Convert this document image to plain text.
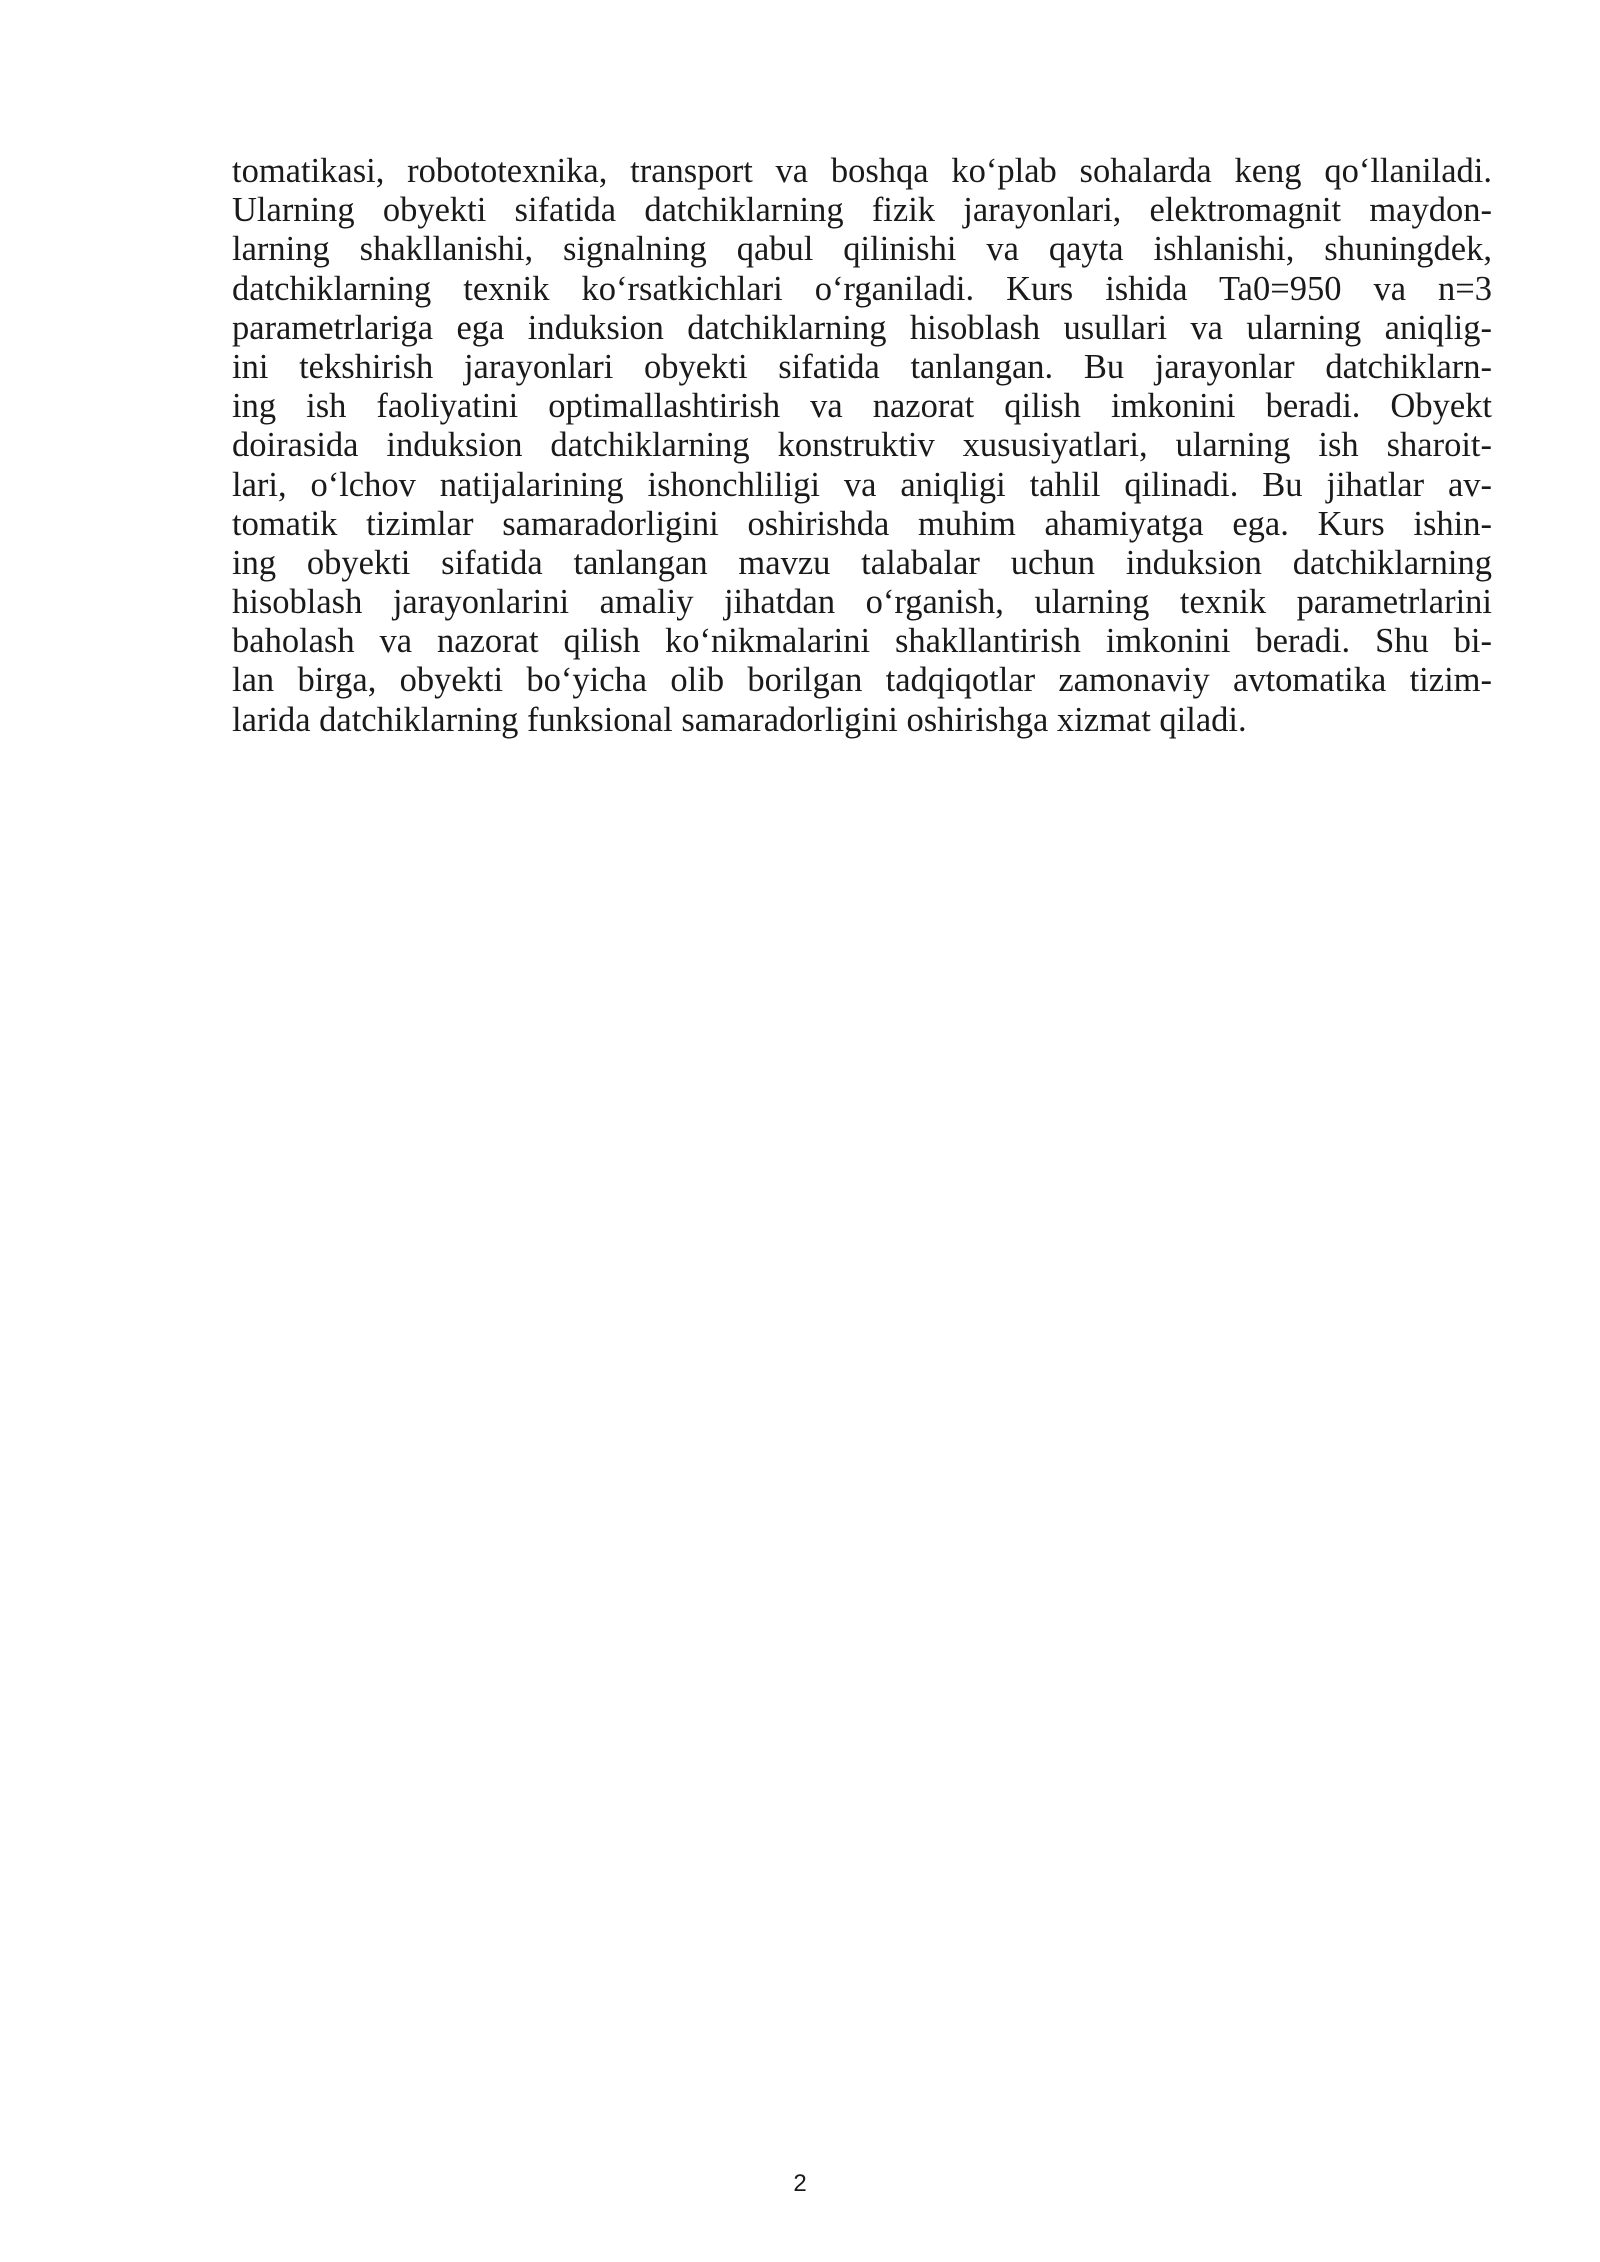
tomatikasi, robototexnika, transport va boshqa ko‘plab sohalarda keng qo‘llaniladi.
Ularning obyekti sifatida datchiklarning fizik jarayonlari, elektromagnit maydon-
larning shakllanishi, signalning qabul qilinishi va qayta ishlanishi, shuningdek,
datchiklarning texnik ko‘rsatkichlari o‘rganiladi. Kurs ishida Ta0=950 va n=3
parametrlariga ega induksion datchiklarning hisoblash usullari va ularning aniqlig-
ini tekshirish jarayonlari obyekti sifatida tanlangan. Bu jarayonlar datchiklarn-
ing ish faoliyatini optimallashtirish va nazorat qilish imkonini beradi. Obyekt
doirasida induksion datchiklarning konstruktiv xususiyatlari, ularning ish sharoit-
lari, o‘lchov natijalarining ishonchliligi va aniqligi tahlil qilinadi. Bu jihatlar av-
tomatik tizimlar samaradorligini oshirishda muhim ahamiyatga ega. Kurs ishin-
ing obyekti sifatida tanlangan mavzu talabalar uchun induksion datchiklarning
hisoblash jarayonlarini amaliy jihatdan o‘rganish, ularning texnik parametrlarini
baholash va nazorat qilish ko‘nikmalarini shakllantirish imkonini beradi. Shu bi-
lan birga, obyekti bo‘yicha olib borilgan tadqiqotlar zamonaviy avtomatika tizim-
larida datchiklarning funksional samaradorligini oshirishga xizmat qiladi.

2
